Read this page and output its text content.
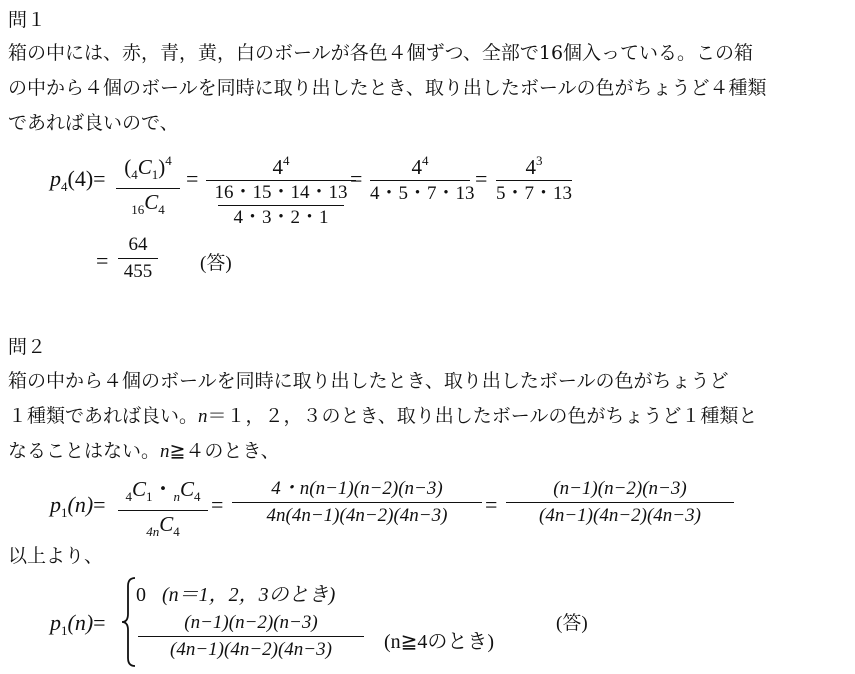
問１
箱の中には、赤，青，黄，白のボールが各色４個ずつ、全部で16個入っている。この箱
の中から４個のボールを同時に取り出したとき、取り出したボールの色がちょうど４種類
であれば良いので、
$p_4(4)= (_4C_1)^4$
$_{16}C_4$
=	$4^4$
16・15・14・13
4・3・2・1
=	$4^4$
4・5・7・13
=	$4^3$
5・7・13
=
64
455	(答)
問２
箱の中から４個のボールを同時に取り出したとき、取り出したボールの色がちょうど
１種類であれば良い。n＝１，２，３のとき、取り出したボールの色がちょうど１種類と
なることはない。n≧４のとき、
$p_1(n)=$	$_4C_1$・$_nC_4$
$_{4n}C_4$
=
4・n(n−1)(n−2)(n−3)
4n(4n−1)(4n−2)(4n−3)	=
(n−1)(n−2)(n−3)
(4n−1)(4n−2)(4n−3)
以上より、
$p_1(n)=$
0 (n＝1，2，3のとき)
(n−1)(n−2)(n−3)
(4n−1)(4n−2)(4n−3)	(n≧4のとき)
(答)
